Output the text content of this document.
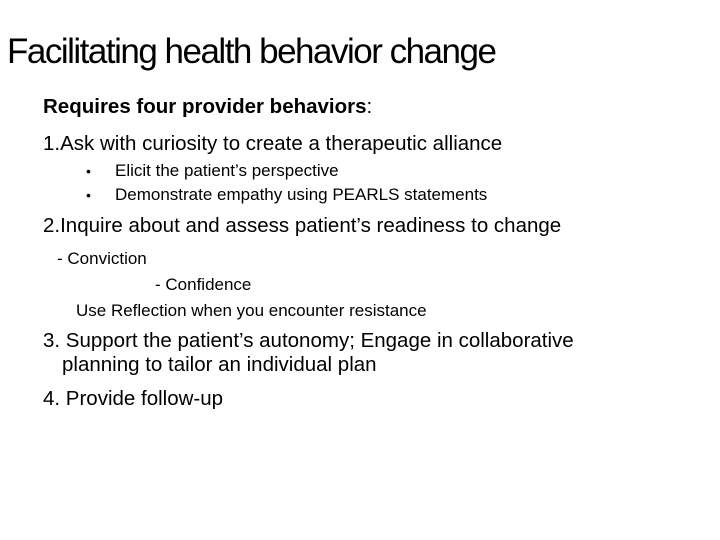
Facilitating health behavior change
Requires four provider behaviors:
1.Ask with curiosity to create a therapeutic alliance
• Elicit the patient’s perspective
• Demonstrate empathy using PEARLS statements
2.Inquire about and assess patient’s readiness to change
- Conviction
- Confidence
Use Reflection when you encounter resistance
3. Support the patient’s autonomy; Engage in collaborative
planning to tailor an individual plan
4. Provide follow-up
